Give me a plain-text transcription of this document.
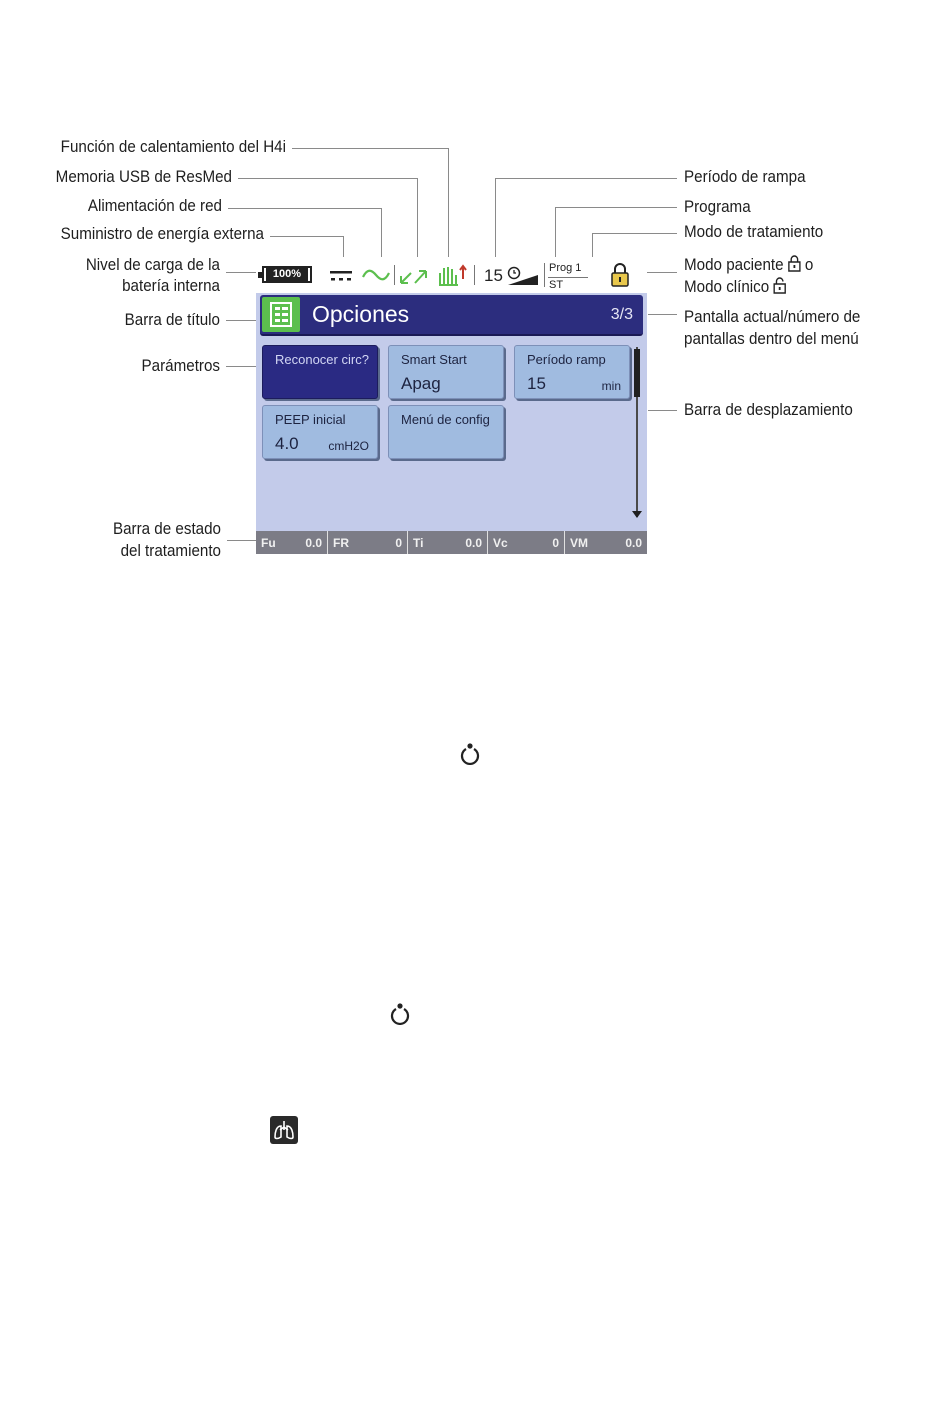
Función de calentamiento del H4i
Memoria USB de ResMed
Alimentación de red
Suministro de energía externa
Nivel de carga de la
batería interna
Barra de título
Parámetros
Barra de estado
del tratamiento
Período de rampa
Programa
Modo de tratamiento
Modo paciente o
Modo clínico
Pantalla actual/número de
pantallas dentro del menú
Barra de desplazamiento
100%	15	Prog 1
ST
Opciones	3/3
Reconocer circ? Smart Start
Apag
Período ramp
15	min
PEEP inicial
4.0 cmH2O
Menú de config
Fu 0.0 FR	0 Ti	0.0 Vc	0 VM	0.0
